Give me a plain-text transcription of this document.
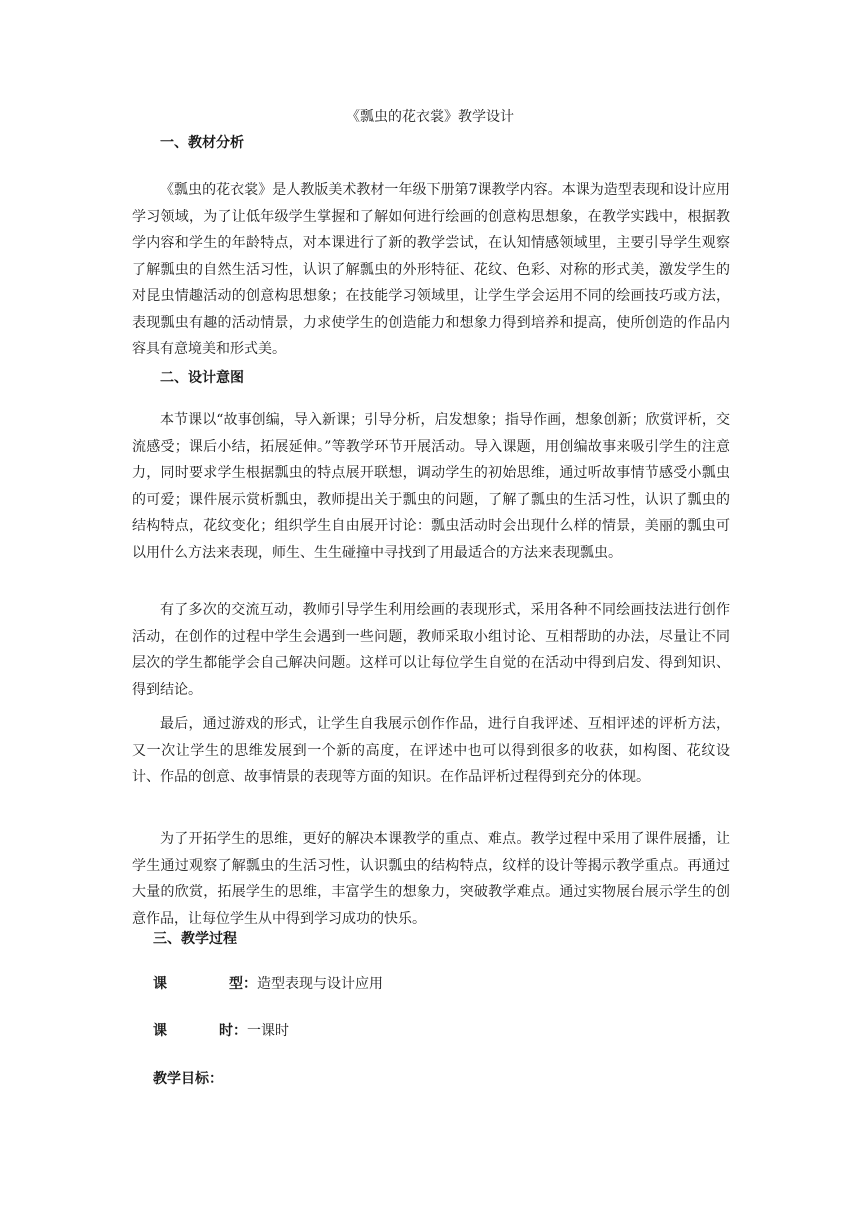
《瓢虫的花衣裳》教学设计
一、教材分析

《瓢虫的花衣裳》是人教版美术教材一年级下册第7课教学内容。本课为造型表现和设计应用学习领域，为了让低年级学生掌握和了解如何进行绘画的创意构思想象，在教学实践中，根据教学内容和学生的年龄特点，对本课进行了新的教学尝试，在认知情感领域里，主要引导学生观察了解瓢虫的自然生活习性，认识了解瓢虫的外形特征、花纹、色彩、对称的形式美，激发学生的对昆虫情趣活动的创意构思想象；在技能学习领域里，让学生学会运用不同的绘画技巧或方法，表现瓢虫有趣的活动情景，力求使学生的创造能力和想象力得到培养和提高，使所创造的作品内容具有意境美和形式美。

二、设计意图

本节课以“故事创编，导入新课；引导分析，启发想象；指导作画，想象创新；欣赏评析，交流感受；课后小结，拓展延伸。”等教学环节开展活动。导入课题，用创编故事来吸引学生的注意力，同时要求学生根据瓢虫的特点展开联想，调动学生的初始思维，通过听故事情节感受小瓢虫的可爱；课件展示赏析瓢虫，教师提出关于瓢虫的问题，了解了瓢虫的生活习性，认识了瓢虫的结构特点，花纹变化；组织学生自由展开讨论：瓢虫活动时会出现什么样的情景，美丽的瓢虫可以用什么方法来表现，师生、生生碰撞中寻找到了用最适合的方法来表现瓢虫。

有了多次的交流互动，教师引导学生利用绘画的表现形式，采用各种不同绘画技法进行创作活动，在创作的过程中学生会遇到一些问题，教师采取小组讨论、互相帮助的办法，尽量让不同层次的学生都能学会自己解决问题。这样可以让每位学生自觉的在活动中得到启发、得到知识、得到结论。

最后，通过游戏的形式，让学生自我展示创作作品，进行自我评述、互相评述的评析方法，又一次让学生的思维发展到一个新的高度，在评述中也可以得到很多的收获，如构图、花纹设计、作品的创意、故事情景的表现等方面的知识。在作品评析过程得到充分的体现。

为了开拓学生的思维，更好的解决本课教学的重点、难点。教学过程中采用了课件展播，让学生通过观察了解瓢虫的生活习性，认识瓢虫的结构特点，纹样的设计等揭示教学重点。再通过大量的欣赏，拓展学生的思维，丰富学生的想象力，突破教学难点。通过实物展台展示学生的创意作品，让每位学生从中得到学习成功的快乐。

三、教学过程

课	型：造型表现与设计应用

课	时：一课时

教学目标：
